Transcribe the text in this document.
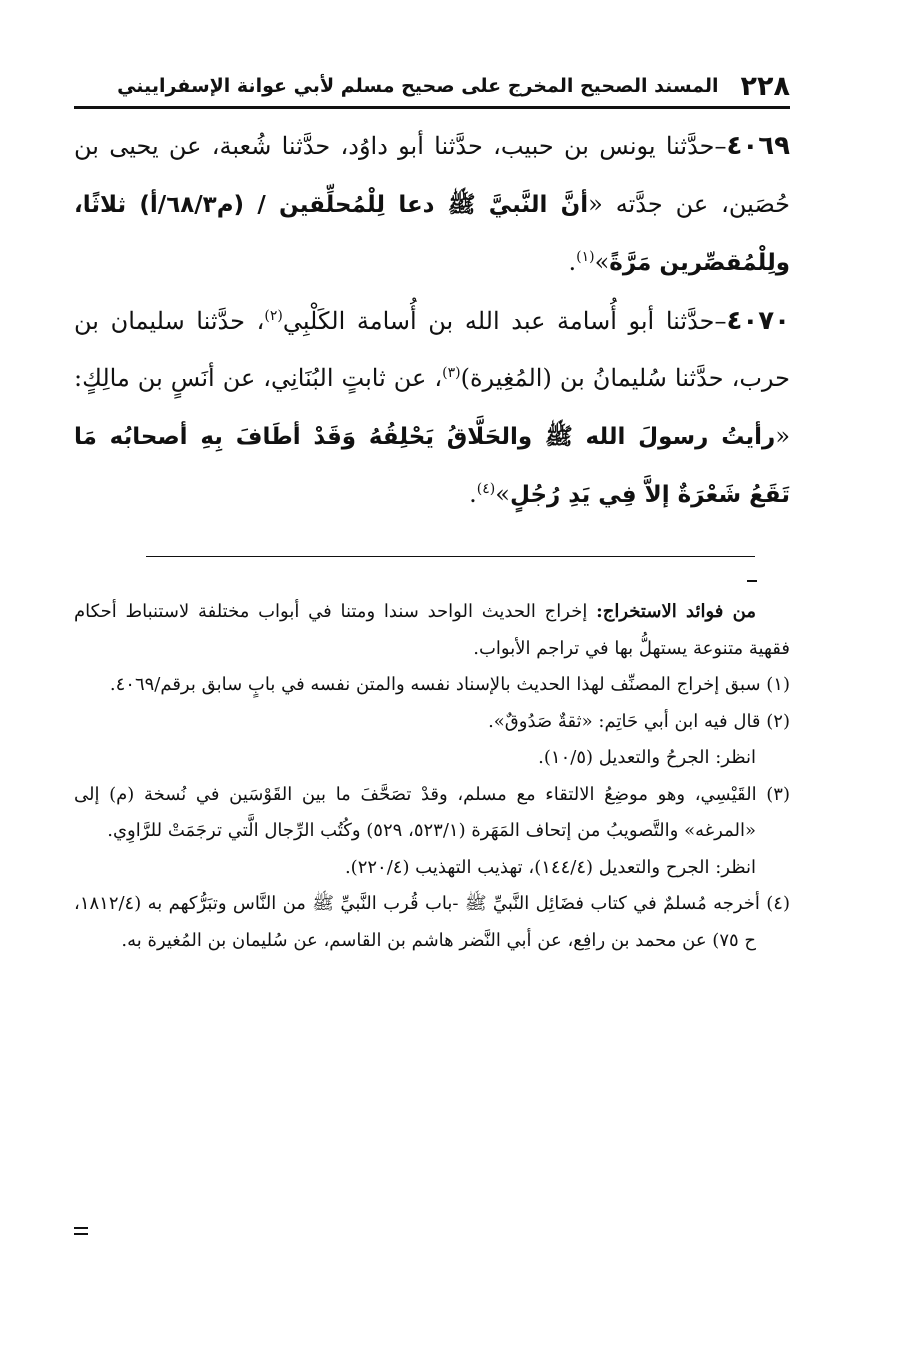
٢٢٨
المسند الصحيح المخرج على صحيح مسلم لأبي عوانة الإسفراييني

٤٠٦٩–حدَّثنا يونس بن حبيب، حدَّثنا أبو داوُد، حدَّثنا شُعبة، عن يحيى بن حُصَين، عن جدَّته «أنَّ النَّبيَّ ﷺ دعا لِلْمُحلِّقين / (م٦٨/٣/أ) ثلاثًا، ولِلْمُقصِّرين مَرَّةً»$^{(١)}$.

٤٠٧٠–حدَّثنا أبو أُسامة عبد الله بن أُسامة الكَلْبِي$^{(٢)}$، حدَّثنا سليمان بن حرب، حدَّثنا سُليمانُ بن (المُغِيرة)$^{(٣)}$، عن ثابتٍ البُنَانِي، عن أنَسٍ بن مالِكٍ: «رأيتُ رسولَ الله ﷺ والحَلَّاقُ يَحْلِقُهُ وَقَدْ أطَافَ بِهِ أصحابُه مَا تَقَعُ شَعْرَةٌ إلاَّ فِي يَدِ رُجُلٍ»$^{(٤)}$.

من فوائد الاستخراج: إخراج الحديث الواحد سندا ومتنا في أبواب مختلفة لاستنباط أحكام فقهية متنوعة يستهلُّ بها في تراجم الأبواب.

(١) سبق إخراج المصنِّف لهذا الحديث بالإسناد نفسه والمتن نفسه في بابٍ سابق برقم/٤٠٦٩.

(٢) قال فيه ابن أبي حَاتِم: «ثقةٌ صَدُوقٌ».

انظر: الجرحُ والتعديل (١٠/٥).

(٣) القَيْسِي، وهو موضِعُ الالتقاء مع مسلم، وقدْ تصَحَّفَ ما بين القَوْسَين في نُسخة (م) إلى «المرغه» والتَّصويبُ من إتحاف المَهَرة (٥٢٣/١، ٥٢٩) وكُتُب الرِّجال الَّتي ترجَمَتْ للرَّاوِي.

انظر: الجرح والتعديل (١٤٤/٤)، تهذيب التهذيب (٢٢٠/٤).

(٤) أخرجه مُسلمٌ في كتاب فضَائِل النَّبيِّ ﷺ -باب قُرب النَّبيِّ ﷺ من النَّاس وتبَرُّكهم به (١٨١٢/٤، ح ٧٥) عن محمد بن رافِع، عن أبي النَّضر هاشم بن القاسم، عن سُليمان بن المُغيرة به.
